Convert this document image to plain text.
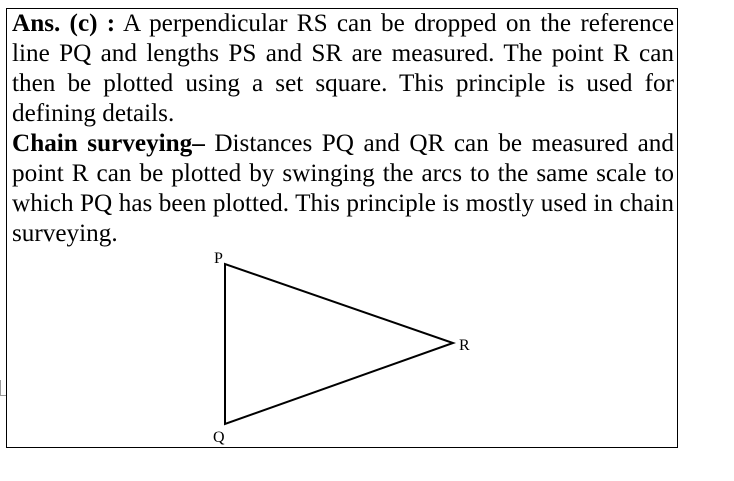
Ans. (c) : A perpendicular RS can be dropped on the reference line PQ and lengths PS and SR are measured. The point R can then be plotted using a set square. This principle is used for defining details.

Chain surveying– Distances PQ and QR can be measured and point R can be plotted by swinging the arcs to the same scale to which PQ has been plotted. This principle is mostly used in chain surveying.

P
Q
R
